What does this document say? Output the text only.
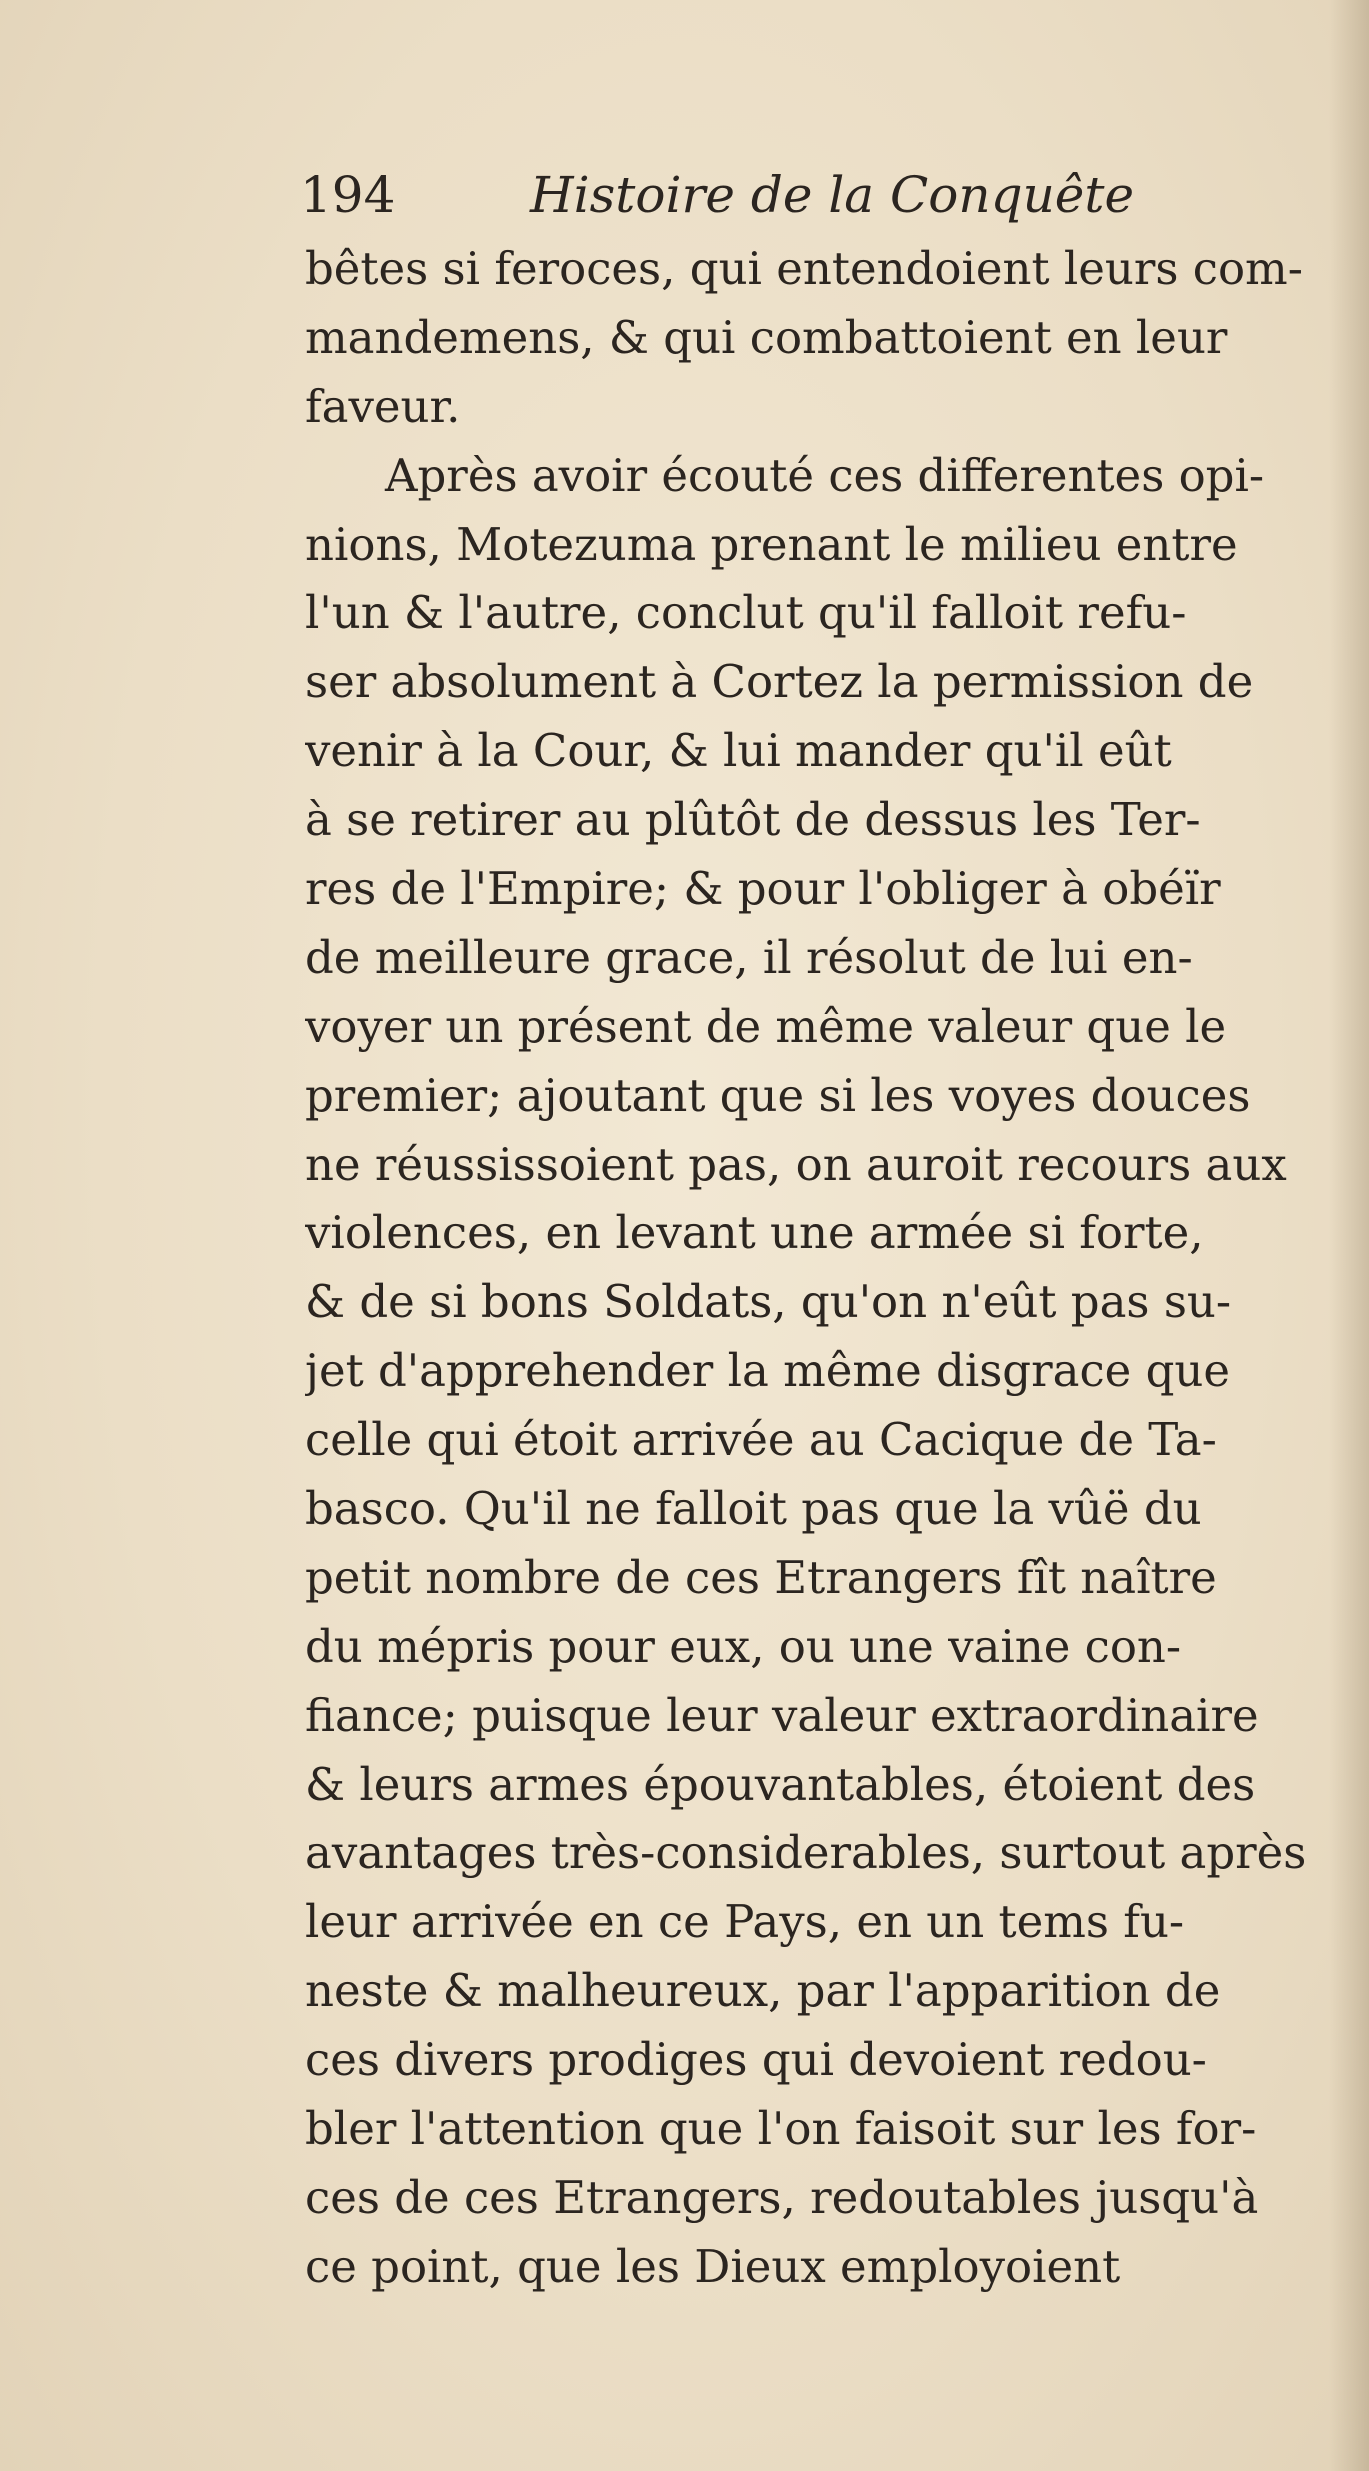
194	Histoire de la Conquête
bêtes si feroces, qui entendoient leurs com-
mandemens, & qui combattoient en leur
faveur.
Après avoir écouté ces differentes opi-
nions, Motezuma prenant le milieu entre
l'un & l'autre, conclut qu'il falloit refu-
ser absolument à Cortez la permission de
venir à la Cour, & lui mander qu'il eût
à se retirer au plûtôt de dessus les Ter-
res de l'Empire; & pour l'obliger à obéïr
de meilleure grace, il résolut de lui en-
voyer un présent de même valeur que le
premier; ajoutant que si les voyes douces
ne réussissoient pas, on auroit recours aux
violences, en levant une armée si forte,
& de si bons Soldats, qu'on n'eût pas su-
jet d'apprehender la même disgrace que
celle qui étoit arrivée au Cacique de Ta-
basco. Qu'il ne falloit pas que la vûë du
petit nombre de ces Etrangers fît naître
du mépris pour eux, ou une vaine con-
fiance; puisque leur valeur extraordinaire
& leurs armes épouvantables, étoient des
avantages très-considerables, surtout après
leur arrivée en ce Pays, en un tems fu-
neste & malheureux, par l'apparition de
ces divers prodiges qui devoient redou-
bler l'attention que l'on faisoit sur les for-
ces de ces Etrangers, redoutables jusqu'à
ce point, que les Dieux employoient
